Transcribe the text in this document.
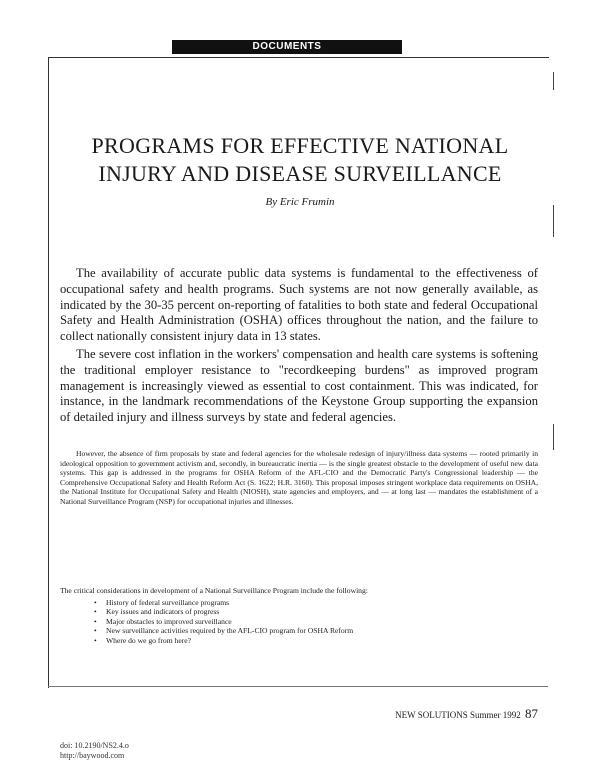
DOCUMENTS
PROGRAMS FOR EFFECTIVE NATIONAL
INJURY AND DISEASE SURVEILLANCE
By Eric Frumin

The availability of accurate public data systems is fundamental to the effectiveness of occupational safety and health programs. Such systems are not now generally available, as indicated by the 30-35 percent on-reporting of fatalities to both state and federal Occupational Safety and Health Administration (OSHA) offices throughout the nation, and the failure to collect nationally consistent injury data in 13 states.

The severe cost inflation in the workers' compensation and health care systems is softening the traditional employer resistance to "recordkeeping burdens" as improved program management is increasingly viewed as essential to cost containment. This was indicated, for instance, in the landmark recommendations of the Keystone Group supporting the expansion of detailed injury and illness surveys by state and federal agencies.

However, the absence of firm proposals by state and federal agencies for the wholesale redesign of injury/illness data systems — rooted primarily in ideological opposition to government activism and, secondly, in bureaucratic inertia — is the single greatest obstacle to the development of useful new data systems. This gap is addressed in the programs for OSHA Reform of the AFL-CIO and the Democratic Party's Congressional leadership — the Comprehensive Occupational Safety and Health Reform Act (S. 1622; H.R. 3160). This proposal imposes stringent workplace data requirements on OSHA, the National Institute for Occupational Safety and Health (NIOSH), state agencies and employers, and — at long last — mandates the establishment of a National Surveillance Program (NSP) for occupational injuries and illnesses.

The critical considerations in development of a National Surveillance Program include the following:

• History of federal surveillance programs
• Key issues and indicators of progress
• Major obstacles to improved surveillance
• New surveillance activities required by the AFL-CIO program for OSHA Reform
• Where do we go from here?
NEW SOLUTIONS Summer 1992 87
doi: 10.2190/NS2.4.o
http://baywood.com
